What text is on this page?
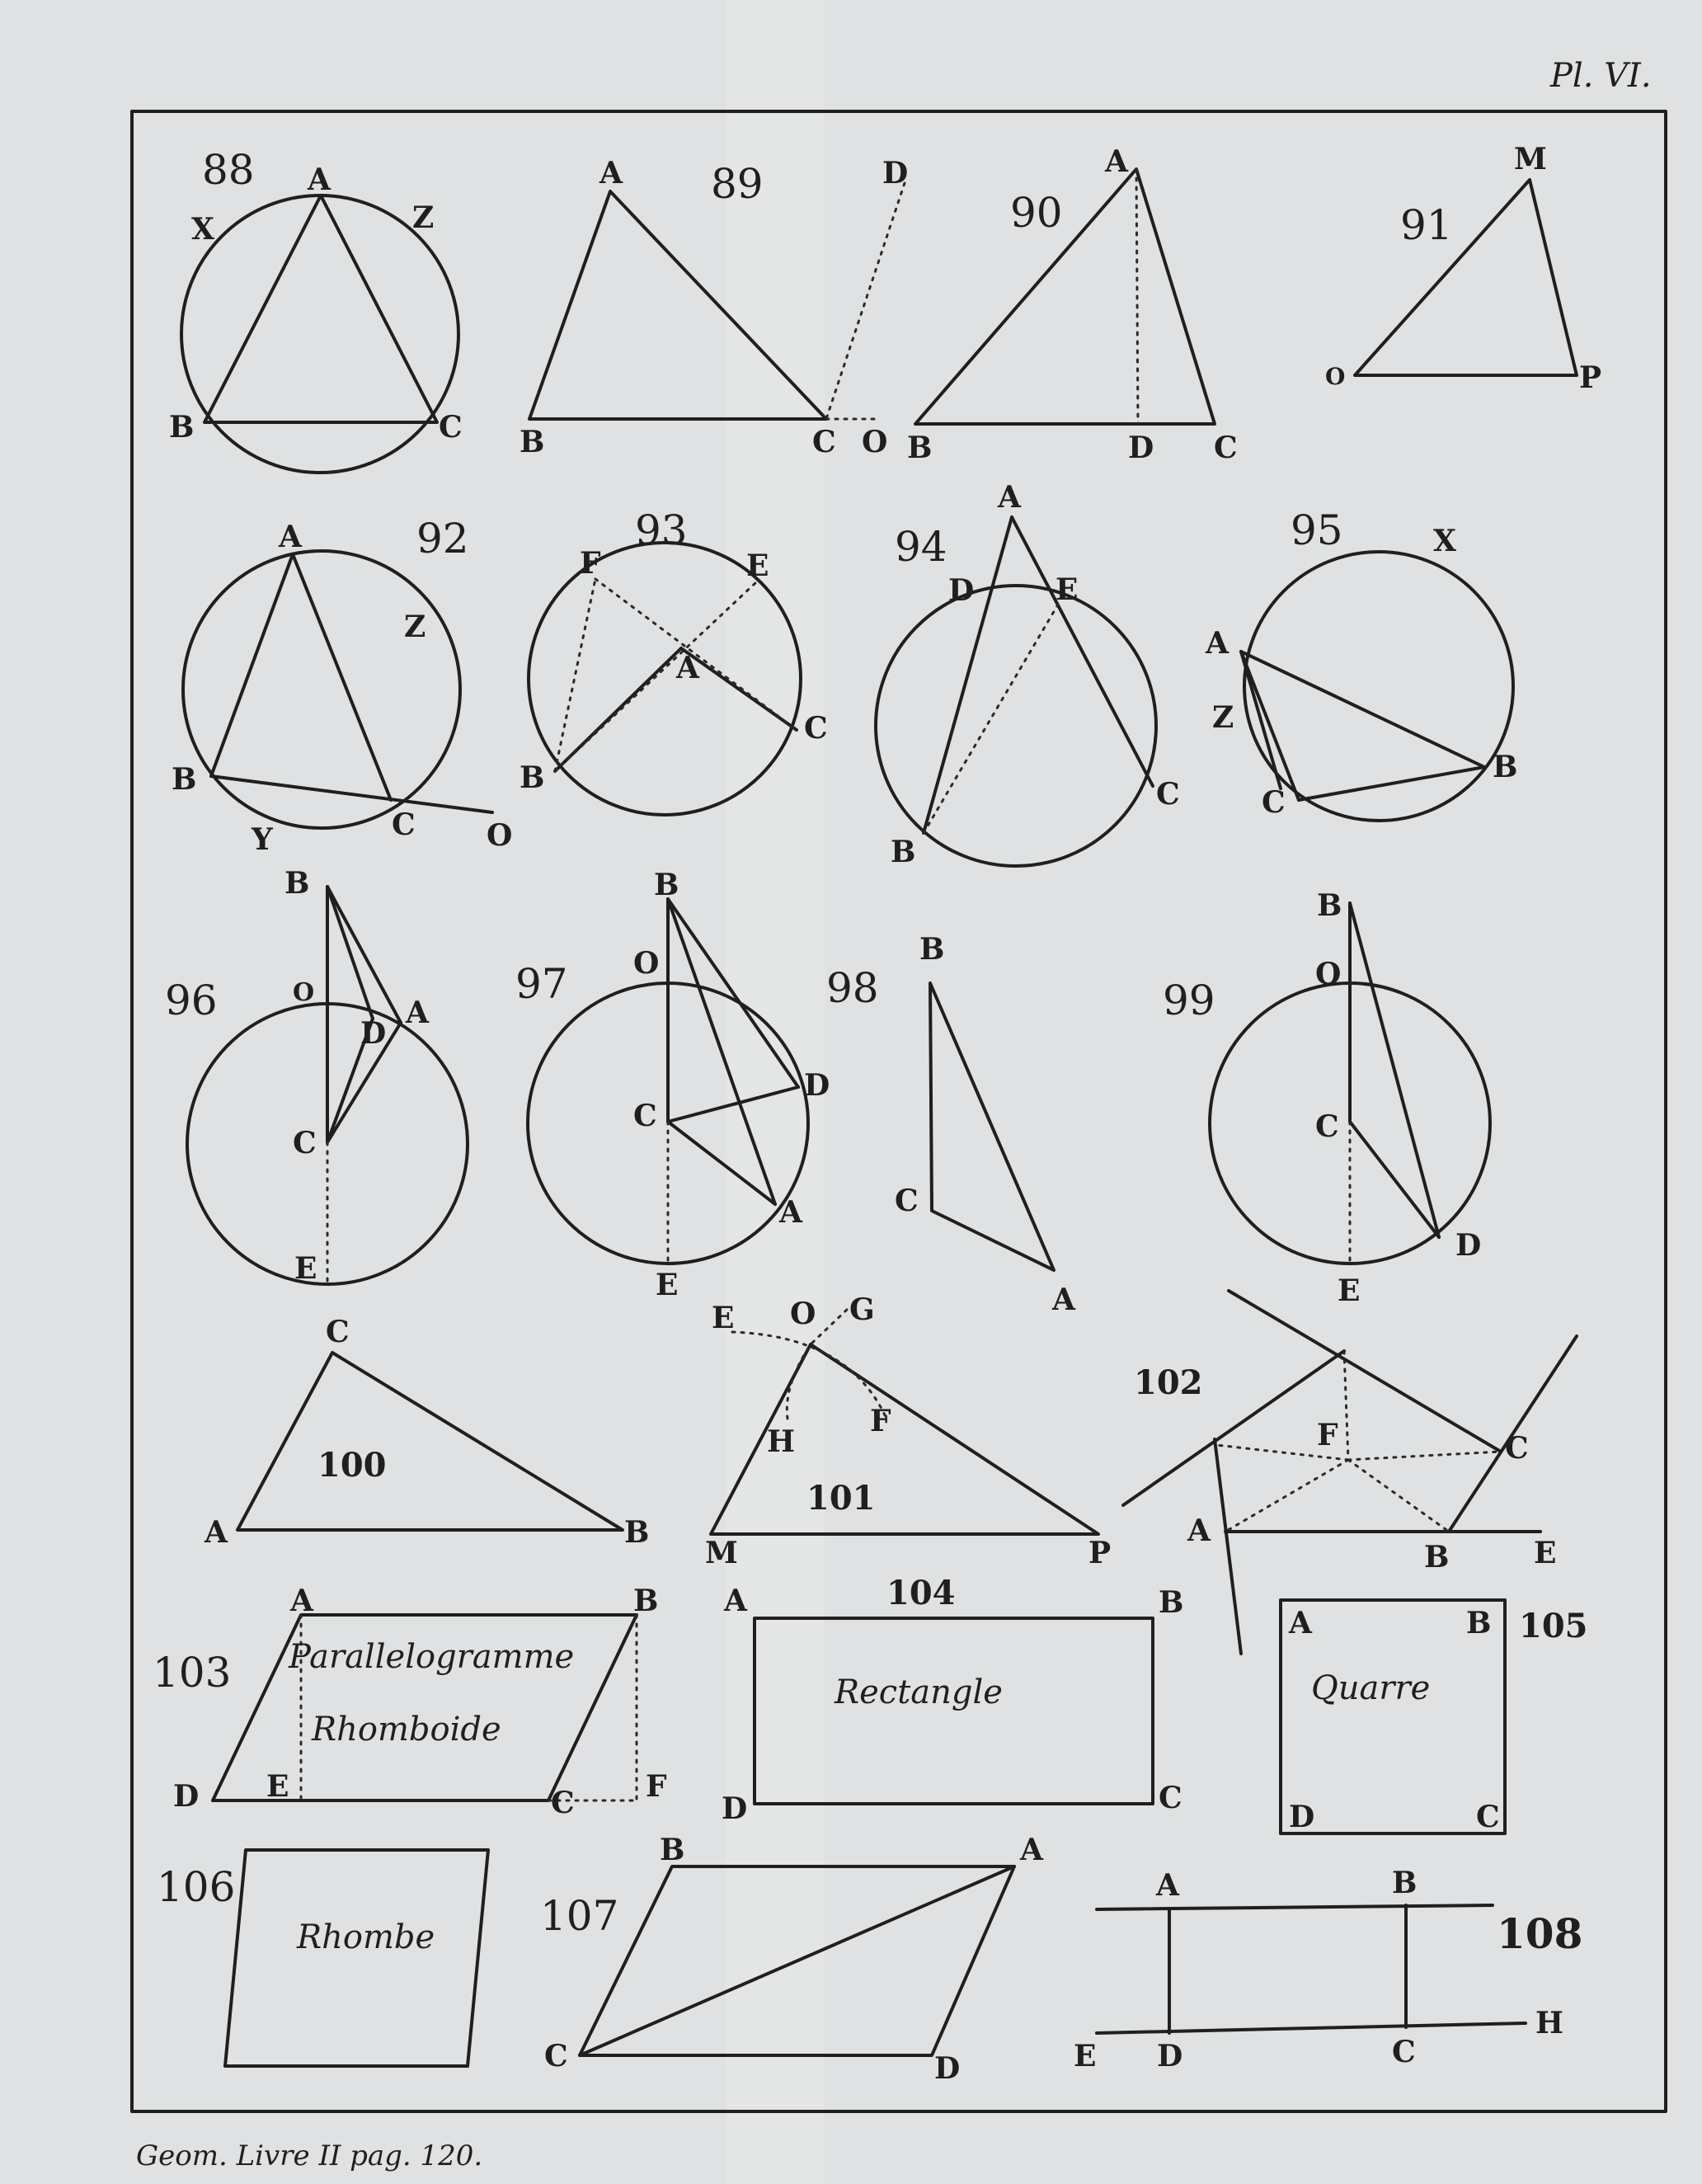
Pl. VI.
Geom. Livre II pag. 120.
88 A
X	Z
B	C
89
A	D
B	C O
90
A
B	D C
91
M
O	P
92
A
Z
B
Y	C O
93
F	E
A
B
C
94
A
D	E
B
C
95	X
A
Z
B
C
96
B
O
A
D
C
E
97
B
O
D
C
A
E
98
B
C
A
99
B
O
C
D
E
100
C
A	B
101
E O G
F
H
M	P
102
F	C
A
B	E
103 Parallelogramme
Rhomboide
A	B
D E	C F
104
Rectangle
A	B
D	C
105
Quarre
A	B
D	C
106
Rhombe	107
B	A
C	D
108
A	B
E D	C
H
